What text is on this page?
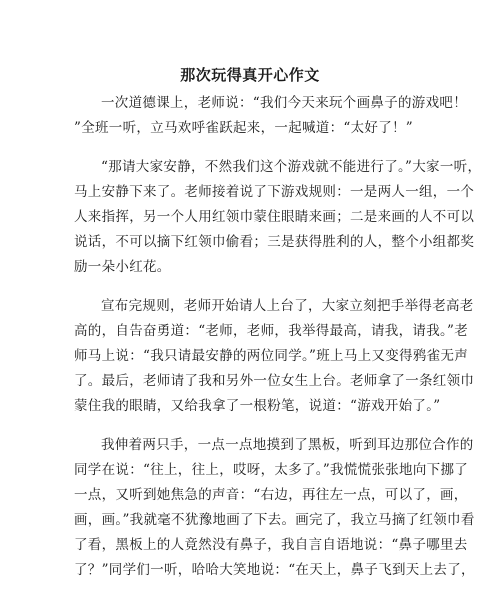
那次玩得真开心作文
一次道德课上，老师说：“我们今天来玩个画鼻子的游戏吧！
”全班一听，立马欢呼雀跃起来，一起喊道：“太好了！”
“那请大家安静，不然我们这个游戏就不能进行了。”大家一听，
马上安静下来了。老师接着说了下游戏规则：一是两人一组，一个
人来指挥，另一个人用红领巾蒙住眼睛来画；二是来画的人不可以
说话，不可以摘下红领巾偷看；三是获得胜利的人，整个小组都奖
励一朵小红花。
宣布完规则，老师开始请人上台了，大家立刻把手举得老高老
高的，自告奋勇道：“老师，老师，我举得最高，请我，请我。”老
师马上说：“我只请最安静的两位同学。”班上马上又变得鸦雀无声
了。最后，老师请了我和另外一位女生上台。老师拿了一条红领巾
蒙住我的眼睛，又给我拿了一根粉笔，说道：“游戏开始了。”
我伸着两只手，一点一点地摸到了黑板，听到耳边那位合作的
同学在说：“往上，往上，哎呀，太多了。”我慌慌张张地向下挪了
一点，又听到她焦急的声音：“右边，再往左一点，可以了，画，
画，画。”我就毫不犹豫地画了下去。画完了，我立马摘了红领巾看
了看，黑板上的人竟然没有鼻子，我自言自语地说：“鼻子哪里去
了？”同学们一听，哈哈大笑地说：“在天上，鼻子飞到天上去了，
